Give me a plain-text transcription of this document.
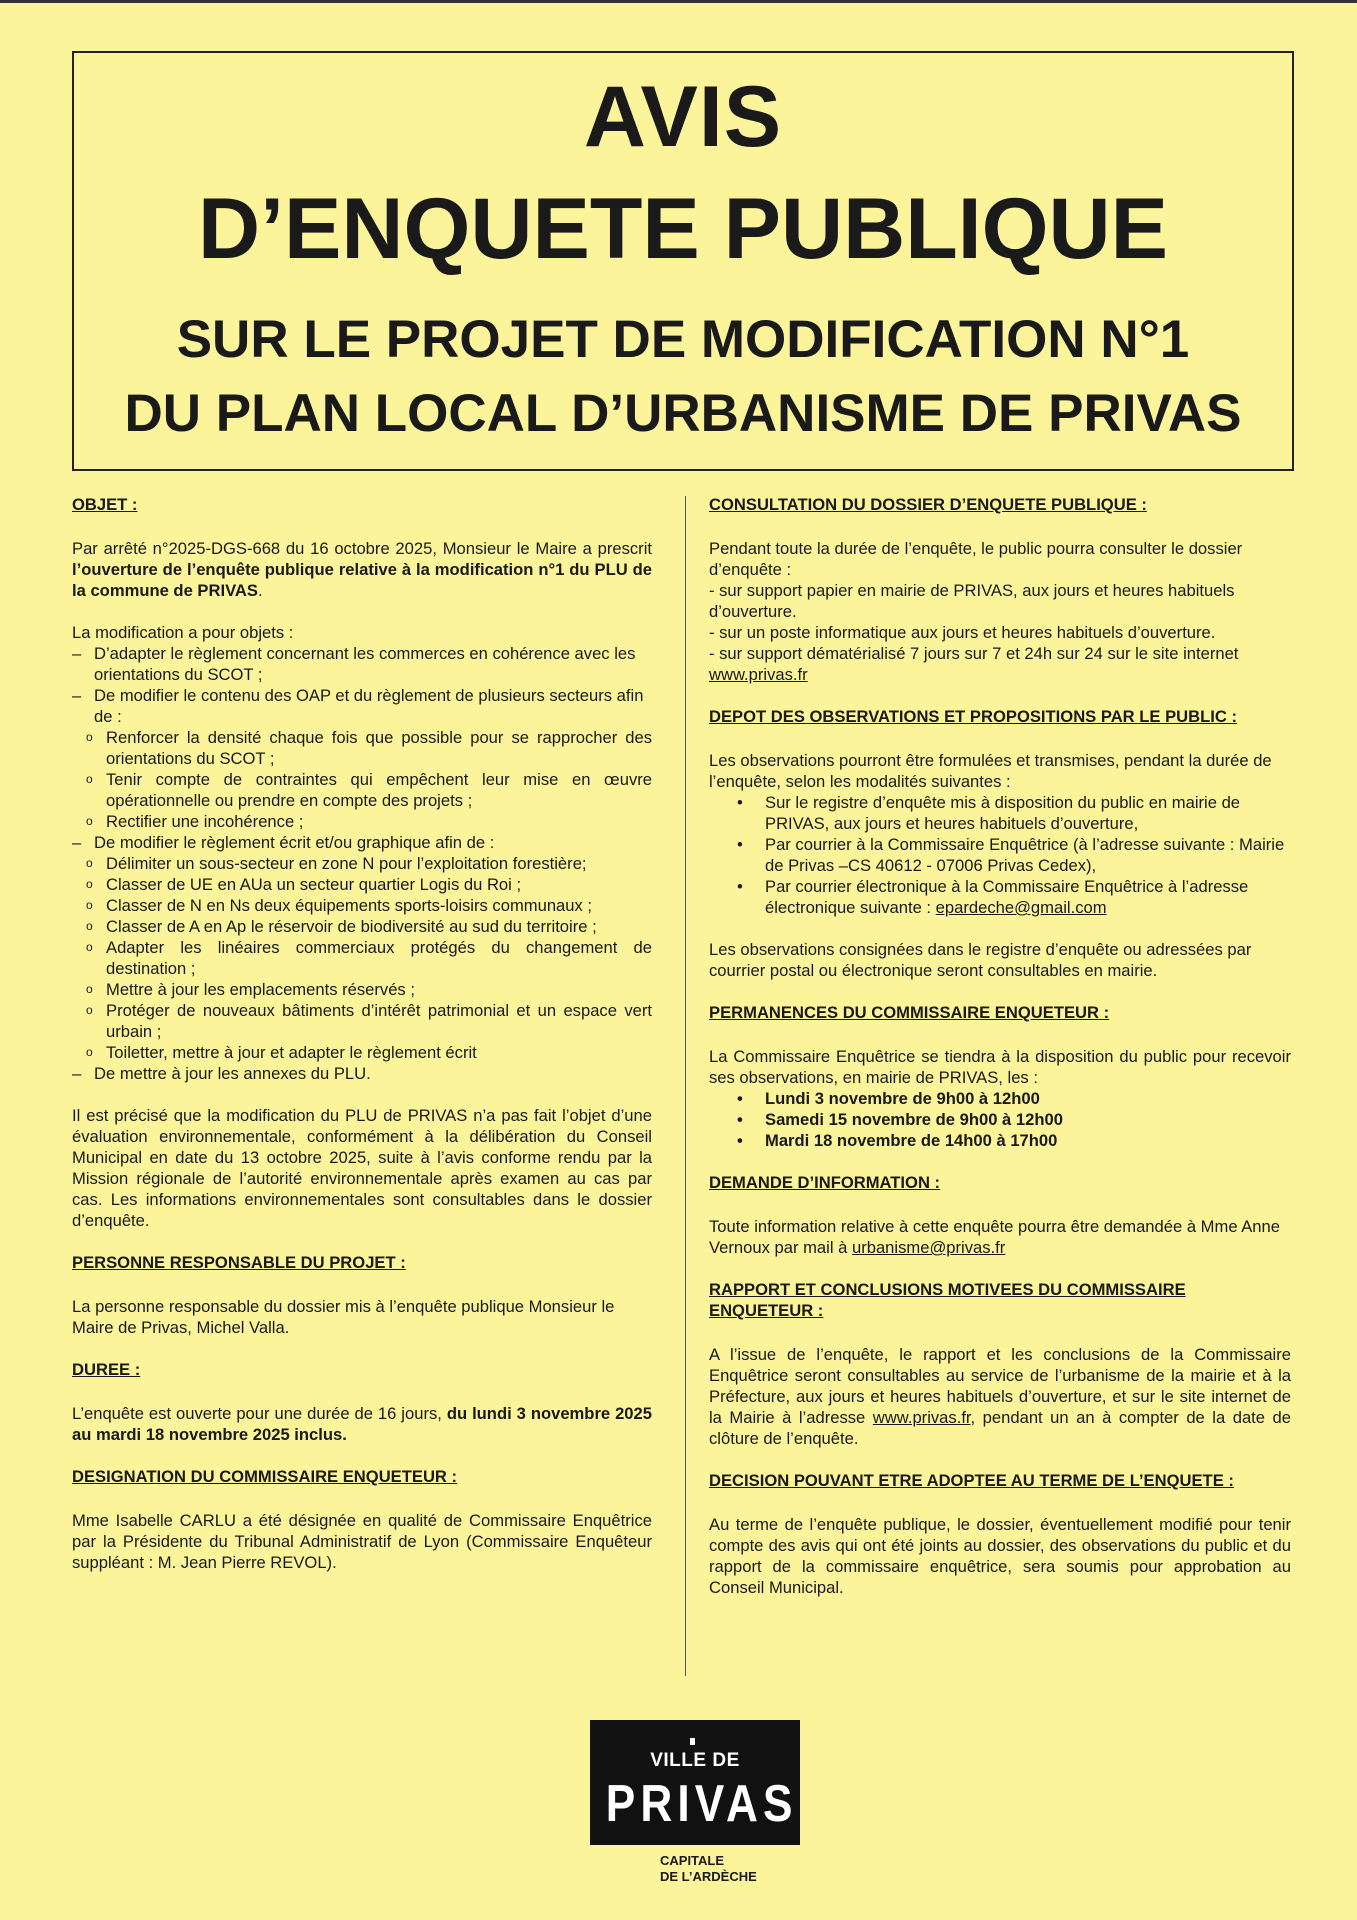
AVIS
D’ENQUETE PUBLIQUE
SUR LE PROJET DE MODIFICATION N°1
DU PLAN LOCAL D’URBANISME DE PRIVAS

OBJET :

Par arrêté n°2025-DGS-668 du 16 octobre 2025, Monsieur le Maire a prescrit l’ouverture de l’enquête publique relative à la modification n°1 du PLU de la commune de PRIVAS.

La modification a pour objets :

– D’adapter le règlement concernant les commerces en cohérence avec les orientations du SCOT ;
– De modifier le contenu des OAP et du règlement de plusieurs secteurs afin de :
o Renforcer la densité chaque fois que possible pour se rapprocher des orientations du SCOT ;
o Tenir compte de contraintes qui empêchent leur mise en œuvre opérationnelle ou prendre en compte des projets ;
o Rectifier une incohérence ;
– De modifier le règlement écrit et/ou graphique afin de :
o Délimiter un sous-secteur en zone N pour l’exploitation forestière;
o Classer de UE en AUa un secteur quartier Logis du Roi ;
o Classer de N en Ns deux équipements sports-loisirs communaux ;
o Classer de A en Ap le réservoir de biodiversité au sud du territoire ;
o Adapter les linéaires commerciaux protégés du changement de destination ;
o Mettre à jour les emplacements réservés ;
o Protéger de nouveaux bâtiments d’intérêt patrimonial et un espace vert urbain ;
o Toiletter, mettre à jour et adapter le règlement écrit
– De mettre à jour les annexes du PLU.

Il est précisé que la modification du PLU de PRIVAS n’a pas fait l’objet d’une évaluation environnementale, conformément à la délibération du Conseil Municipal en date du 13 octobre 2025, suite à l’avis conforme rendu par la Mission régionale de l’autorité environnementale après examen au cas par cas. Les informations environnementales sont consultables dans le dossier d’enquête.

PERSONNE RESPONSABLE DU PROJET :

La personne responsable du dossier mis à l’enquête publique Monsieur le Maire de Privas, Michel Valla.

DUREE :

L’enquête est ouverte pour une durée de 16 jours, du lundi 3 novembre 2025 au mardi 18 novembre 2025 inclus.

DESIGNATION DU COMMISSAIRE ENQUETEUR :

Mme Isabelle CARLU a été désignée en qualité de Commissaire Enquêtrice par la Présidente du Tribunal Administratif de Lyon (Commissaire Enquêteur suppléant : M. Jean Pierre REVOL).

CONSULTATION DU DOSSIER D’ENQUETE PUBLIQUE :

Pendant toute la durée de l’enquête, le public pourra consulter le dossier d’enquête :

- sur support papier en mairie de PRIVAS, aux jours et heures habituels d’ouverture.

- sur un poste informatique aux jours et heures habituels d’ouverture.

- sur support dématérialisé 7 jours sur 7 et 24h sur 24 sur le site internet

www.privas.fr

DEPOT DES OBSERVATIONS ET PROPOSITIONS PAR LE PUBLIC :

Les observations pourront être formulées et transmises, pendant la durée de l’enquête, selon les modalités suivantes :

• Sur le registre d’enquête mis à disposition du public en mairie de PRIVAS, aux jours et heures habituels d’ouverture,
• Par courrier à la Commissaire Enquêtrice (à l’adresse suivante : Mairie de Privas –CS 40612 - 07006 Privas Cedex),
• Par courrier électronique à la Commissaire Enquêtrice à l’adresse électronique suivante : epardeche@gmail.com

Les observations consignées dans le registre d’enquête ou adressées par courrier postal ou électronique seront consultables en mairie.

PERMANENCES DU COMMISSAIRE ENQUETEUR :

La Commissaire Enquêtrice se tiendra à la disposition du public pour recevoir ses observations, en mairie de PRIVAS, les :

• Lundi 3 novembre de 9h00 à 12h00
• Samedi 15 novembre de 9h00 à 12h00
• Mardi 18 novembre de 14h00 à 17h00

DEMANDE D’INFORMATION :

Toute information relative à cette enquête pourra être demandée à Mme Anne Vernoux par mail à urbanisme@privas.fr

RAPPORT ET CONCLUSIONS MOTIVEES DU COMMISSAIRE ENQUETEUR :

A l’issue de l’enquête, le rapport et les conclusions de la Commissaire Enquêtrice seront consultables au service de l’urbanisme de la mairie et à la Préfecture, aux jours et heures habituels d’ouverture, et sur le site internet de la Mairie à l’adresse www.privas.fr, pendant un an à compter de la date de clôture de l’enquête.

DECISION POUVANT ETRE ADOPTEE AU TERME DE L’ENQUETE :

Au terme de l’enquête publique, le dossier, éventuellement modifié pour tenir compte des avis qui ont été joints au dossier, des observations du public et du rapport de la commissaire enquêtrice, sera soumis pour approbation au Conseil Municipal.

VILLE DE
PRIVAS
CAPITALE
DE L’ARDÈCHE
